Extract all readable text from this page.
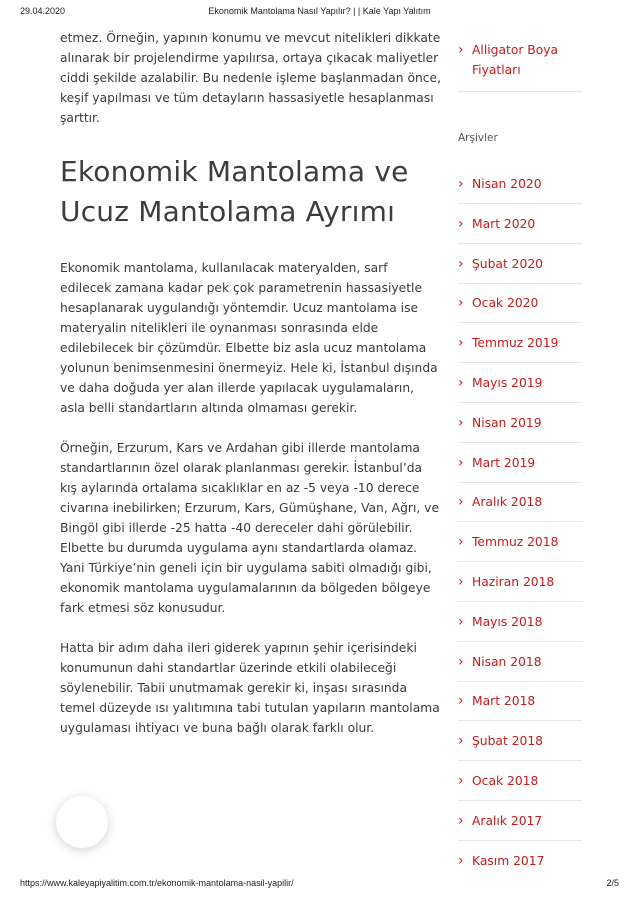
29.04.2020	Ekonomik Mantolama Nasıl Yapılır? | | Kale Yapı Yalıtım

etmez. Örneğin, yapının konumu ve mevcut nitelikleri dikkate alınarak bir projelendirme yapılırsa, ortaya çıkacak maliyetler ciddi şekilde azalabilir. Bu nedenle işleme başlanmadan önce, keşif yapılması ve tüm detayların hassasiyetle hesaplanması şarttır.

Ekonomik Mantolama ve Ucuz Mantolama Ayrımı

Ekonomik mantolama, kullanılacak materyalden, sarf edilecek zamana kadar pek çok parametrenin hassasiyetle hesaplanarak uygulandığı yöntemdir. Ucuz mantolama ise materyalin nitelikleri ile oynanması sonrasında elde edilebilecek bir çözümdür. Elbette biz asla ucuz mantolama yolunun benimsenmesini önermeyiz. Hele ki, İstanbul dışında ve daha doğuda yer alan illerde yapılacak uygulamaların, asla belli standartların altında olmaması gerekir.

Örneğin, Erzurum, Kars ve Ardahan gibi illerde mantolama standartlarının özel olarak planlanması gerekir. İstanbul’da kış aylarında ortalama sıcaklıklar en az -5 veya -10 derece civarına inebilirken; Erzurum, Kars, Gümüşhane, Van, Ağrı, ve Bingöl gibi illerde -25 hatta -40 dereceler dahi görülebilir. Elbette bu durumda uygulama aynı standartlarda olamaz. Yani Türkiye’nin geneli için bir uygulama sabiti olmadığı gibi, ekonomik mantolama uygulamalarının da bölgeden bölgeye fark etmesi söz konusudur.

Hatta bir adım daha ileri giderek yapının şehir içerisindeki konumunun dahi standartlar üzerinde etkili olabileceği söylenebilir. Tabii unutmamak gerekir ki, inşası sırasında temel düzeyde ısı yalıtımına tabi tutulan yapıların mantolama uygulaması ihtiyacı ve buna bağlı olarak farklı olur.

› Alligator Boya Fiyatları
Arşivler
› Nisan 2020
› Mart 2020
› Şubat 2020
› Ocak 2020
› Temmuz 2019
› Mayıs 2019
› Nisan 2019
› Mart 2019
› Aralık 2018
› Temmuz 2018
› Haziran 2018
› Mayıs 2018
› Nisan 2018
› Mart 2018
› Şubat 2018
› Ocak 2018
› Aralık 2017
› Kasım 2017
https://www.kaleyapiyalitim.com.tr/ekonomik-mantolama-nasil-yapilir/	2/5
